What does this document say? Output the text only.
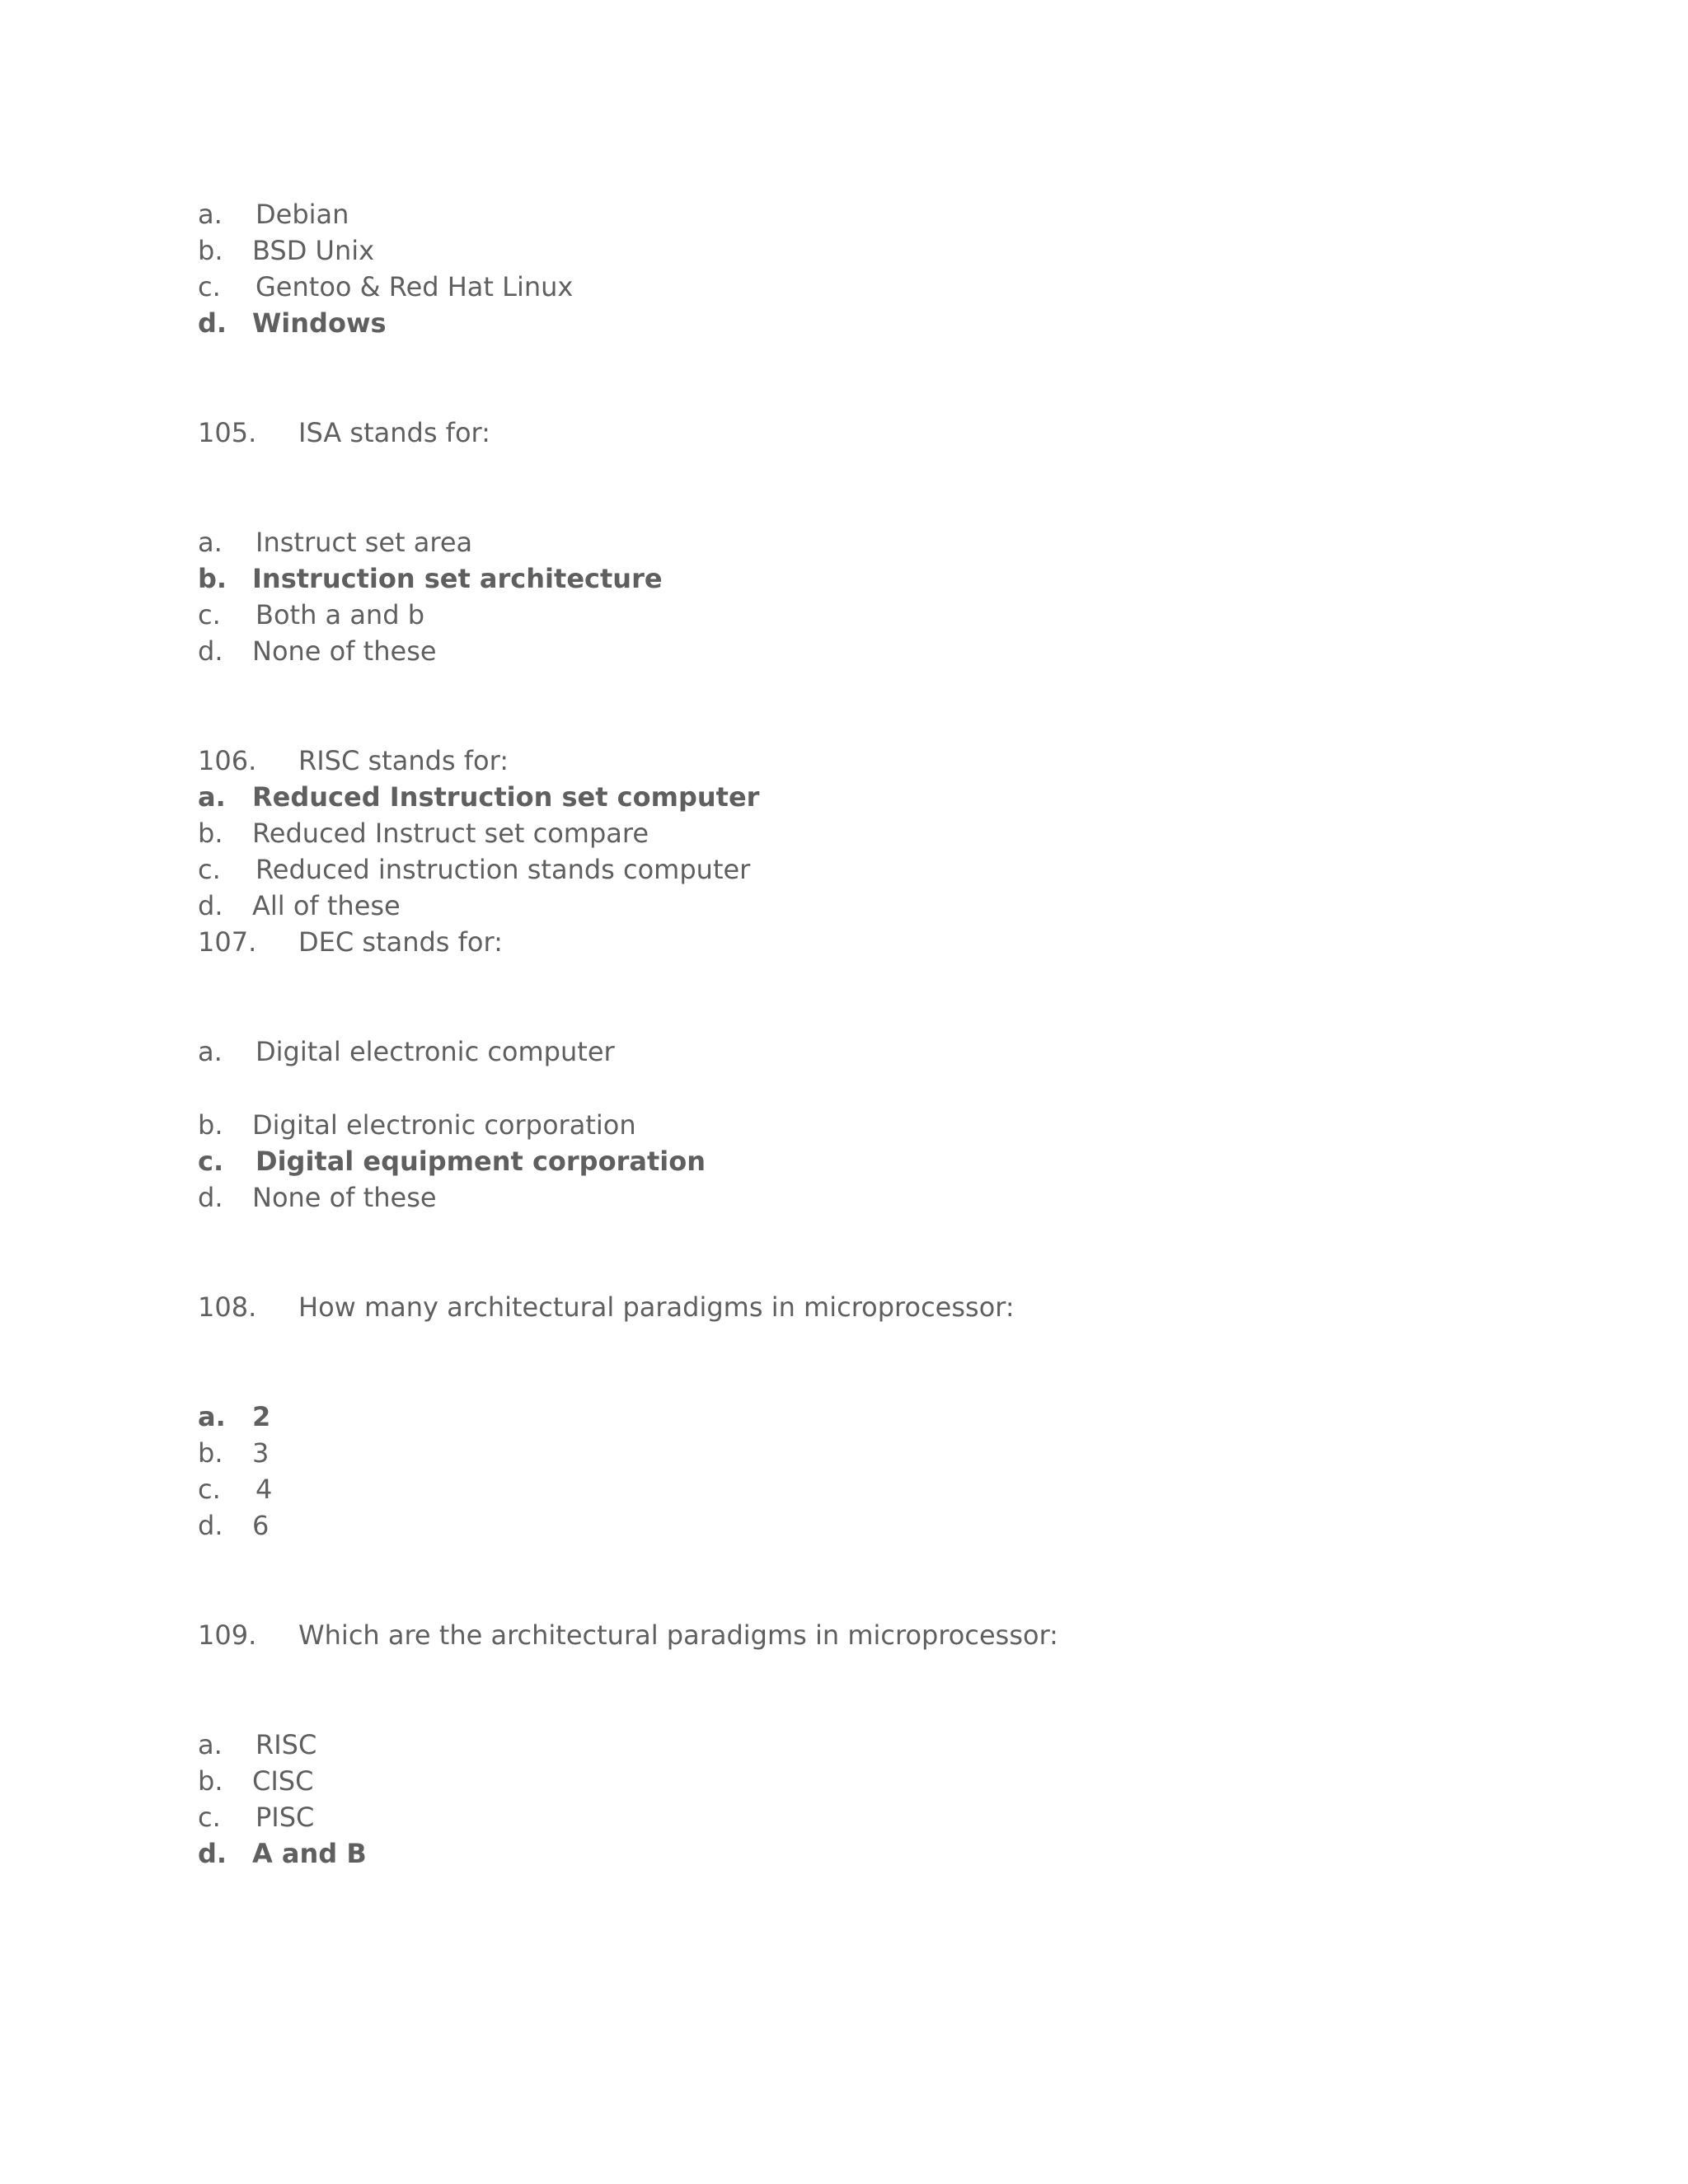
a. Debian
b. BSD Unix
c. Gentoo & Red Hat Linux
d. Windows
105. ISA stands for:
a. Instruct set area
b. Instruction set architecture
c. Both a and b
d. None of these
106. RISC stands for:
a. Reduced Instruction set computer
b. Reduced Instruct set compare
c. Reduced instruction stands computer
d. All of these
107. DEC stands for:
a. Digital electronic computer
b. Digital electronic corporation
c. Digital equipment corporation
d. None of these
108. How many architectural paradigms in microprocessor:
a. 2
b. 3
c. 4
d. 6
109. Which are the architectural paradigms in microprocessor:
a. RISC
b. CISC
c. PISC
d. A and B
